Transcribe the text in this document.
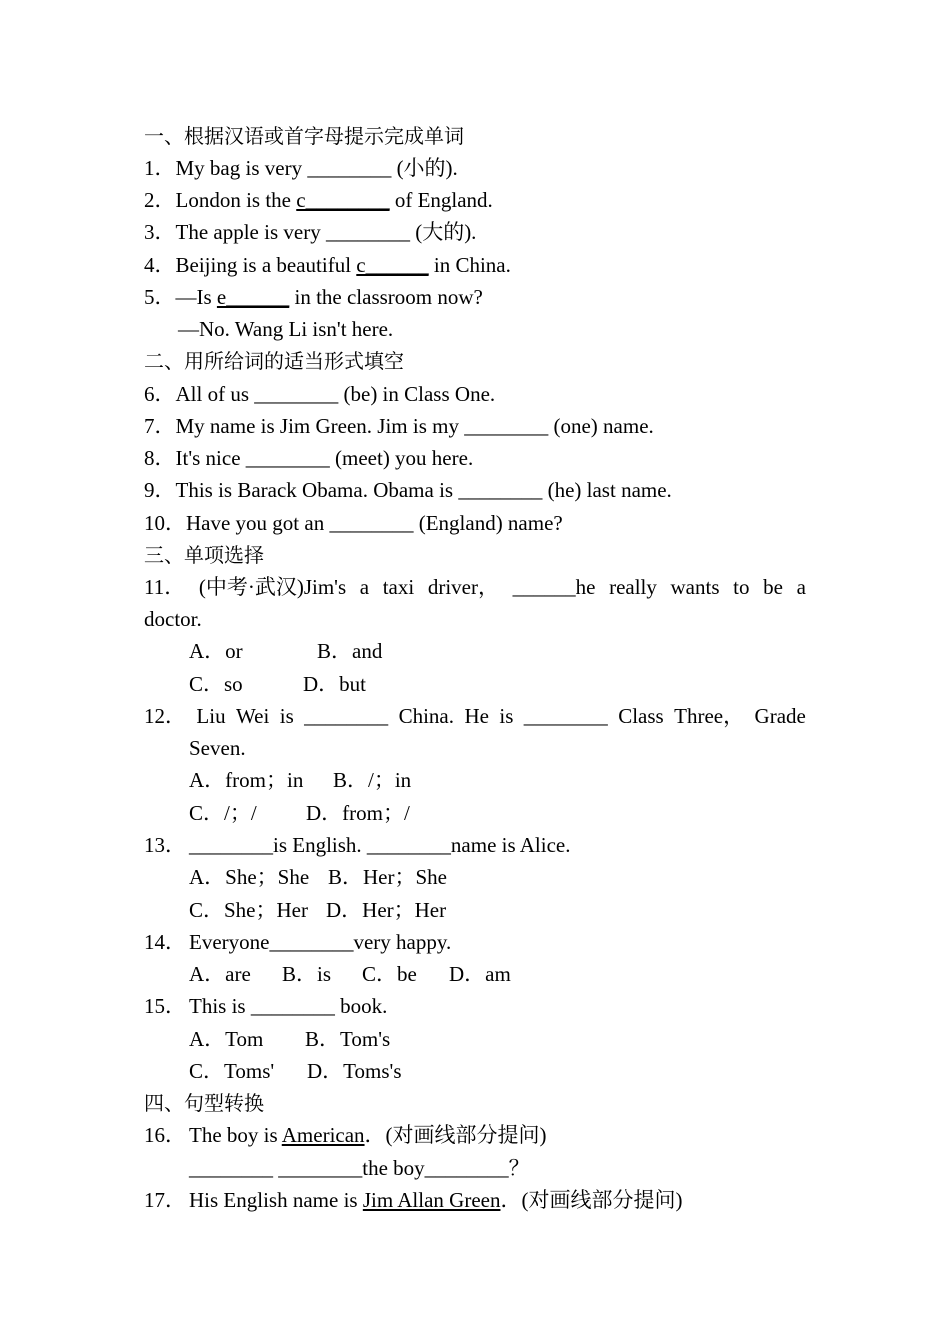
一、根据汉语或首字母提示完成单词
1．My bag is very ________ (小的).
2．London is the c________ of England.
3．The apple is very ________ (大的).
4．Beijing is a beautiful c______ in China.
5．—Is e______ in the classroom now?
—No. Wang Li isn't here.
二、用所给词的适当形式填空
6．All of us ________ (be) in Class One.
7．My name is Jim Green. Jim is my ________ (one) name.
8．It's nice ________ (meet) you here.
9．This is Barack Obama. Obama is ________ (he) last name.
10．Have you got an ________ (England) name?
三、单项选择
11． (中考·武汉)Jim's a taxi driver， ______he really wants to be a
doctor.
A．or	B．and
C．so	D．but
12． Liu Wei is ________ China. He is ________ Class Three， Grade
Seven.
A．from；in B．/；in
C．/；/ D．from；/
13． ________is English. ________name is Alice.
A．She；She B．Her；She
C．She；Her D．Her；Her
14． Everyone________very happy.
A．are B．is C．be D．am
15． This is ________ book.
A．Tom B．Tom's
C．Toms' D．Toms's
四、句型转换
16． The boy is American．(对画线部分提问)
________ ________the boy________？
17． His English name is Jim Allan Green．(对画线部分提问)
